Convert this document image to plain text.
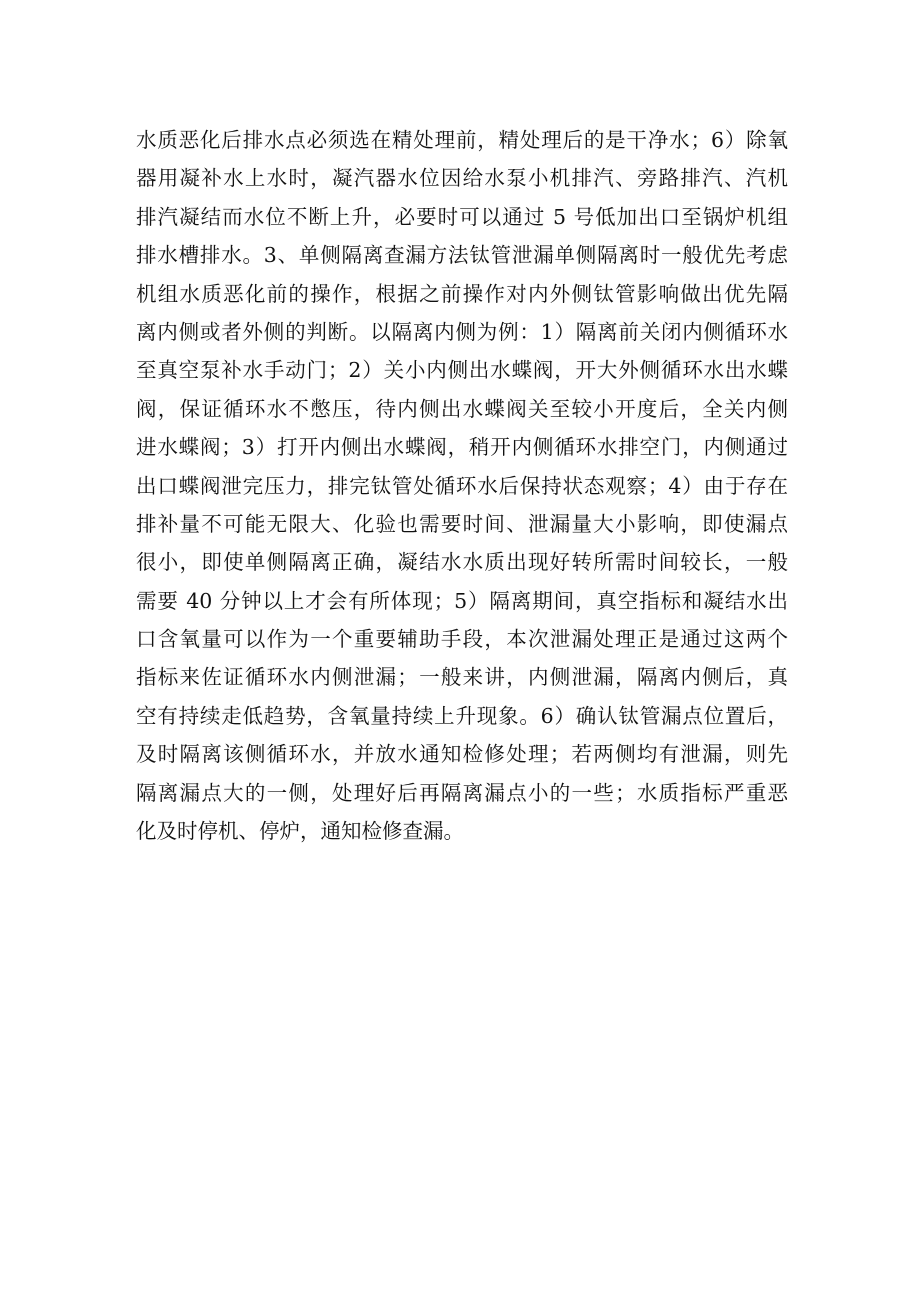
水质恶化后排水点必须选在精处理前，精处理后的是干净水；6）除氧
器用凝补水上水时，凝汽器水位因给水泵小机排汽、旁路排汽、汽机
排汽凝结而水位不断上升，必要时可以通过 5 号低加出口至锅炉机组
排水槽排水。3、单侧隔离查漏方法钛管泄漏单侧隔离时一般优先考虑
机组水质恶化前的操作，根据之前操作对内外侧钛管影响做出优先隔
离内侧或者外侧的判断。以隔离内侧为例：1）隔离前关闭内侧循环水
至真空泵补水手动门；2）关小内侧出水蝶阀，开大外侧循环水出水蝶
阀，保证循环水不憋压，待内侧出水蝶阀关至较小开度后，全关内侧
进水蝶阀；3）打开内侧出水蝶阀，稍开内侧循环水排空门，内侧通过
出口蝶阀泄完压力，排完钛管处循环水后保持状态观察；4）由于存在
排补量不可能无限大、化验也需要时间、泄漏量大小影响，即使漏点
很小，即使单侧隔离正确，凝结水水质出现好转所需时间较长，一般
需要 40 分钟以上才会有所体现；5）隔离期间，真空指标和凝结水出
口含氧量可以作为一个重要辅助手段，本次泄漏处理正是通过这两个
指标来佐证循环水内侧泄漏；一般来讲，内侧泄漏，隔离内侧后，真
空有持续走低趋势，含氧量持续上升现象。6）确认钛管漏点位置后，
及时隔离该侧循环水，并放水通知检修处理；若两侧均有泄漏，则先
隔离漏点大的一侧，处理好后再隔离漏点小的一些；水质指标严重恶
化及时停机、停炉，通知检修查漏。
